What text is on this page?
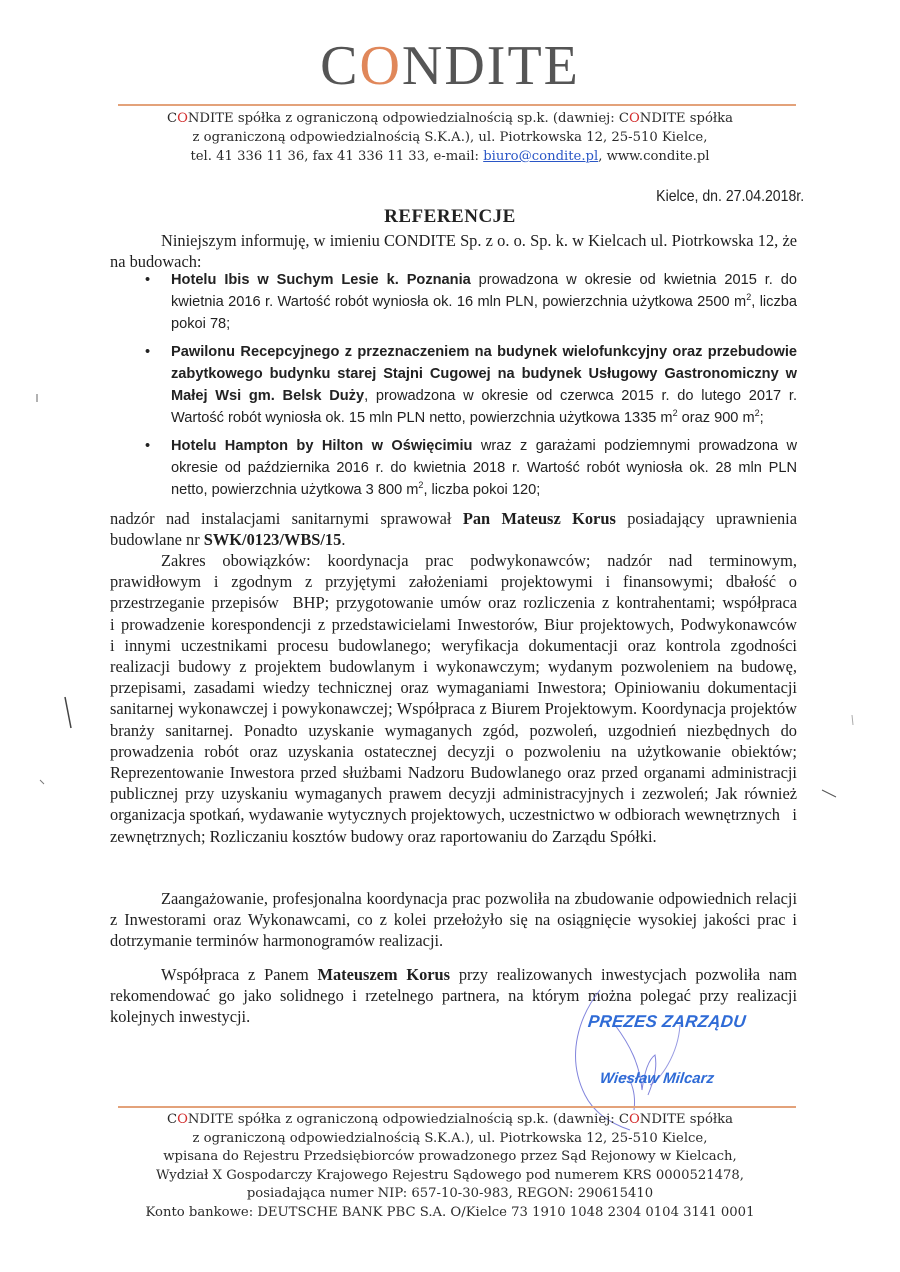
CONDITE
CONDITE spółka z ograniczoną odpowiedzialnością sp.k. (dawniej: CONDITE spółka
z ograniczoną odpowiedzialnością S.K.A.), ul. Piotrkowska 12, 25-510 Kielce,
tel. 41 336 11 36, fax 41 336 11 33, e-mail: biuro@condite.pl, www.condite.pl
Kielce, dn. 27.04.2018r.
REFERENCJE
Niniejszym informuję, w imieniu CONDITE Sp. z o. o. Sp. k. w Kielcach ul. Piotrkowska 12, że na budowach:
• Hotelu Ibis w Suchym Lesie k. Poznania prowadzona w okresie od kwietnia 2015 r. do kwietnia 2016 r. Wartość robót wyniosła ok. 16 mln PLN, powierzchnia użytkowa 2500 $m^2$, liczba pokoi 78;
• Pawilonu Recepcyjnego z przeznaczeniem na budynek wielofunkcyjny oraz przebudowie zabytkowego budynku starej Stajni Cugowej na budynek Usługowy Gastronomiczny w Małej Wsi gm. Belsk Duży, prowadzona w okresie od czerwca 2015 r. do lutego 2017 r. Wartość robót wyniosła ok. 15 mln PLN netto, powierzchnia użytkowa 1335 $m^2$ oraz 900 $m^2$;
• Hotelu Hampton by Hilton w Oświęcimiu wraz z garażami podziemnymi prowadzona w okresie od października 2016 r. do kwietnia 2018 r. Wartość robót wyniosła ok. 28 mln PLN netto, powierzchnia użytkowa 3 800 $m^2$, liczba pokoi 120;
nadzór nad instalacjami sanitarnymi sprawował Pan Mateusz Korus posiadający uprawnienia budowlane nr SWK/0123/WBS/15.
Zakres obowiązków: koordynacja prac podwykonawców; nadzór nad terminowym, prawidłowym i zgodnym z przyjętymi założeniami projektowymi i finansowymi; dbałość o przestrzeganie przepisów  BHP; przygotowanie umów oraz rozliczenia z kontrahentami; współpraca                i prowadzenie korespondencji z przedstawicielami Inwestorów, Biur projektowych, Podwykonawców                  i innymi uczestnikami procesu budowlanego; weryfikacja dokumentacji oraz kontrola zgodności realizacji budowy z projektem budowlanym i wykonawczym; wydanym pozwoleniem na budowę, przepisami, zasadami wiedzy technicznej oraz wymaganiami Inwestora; Opiniowaniu dokumentacji sanitarnej wykonawczej i powykonawczej; Współpraca z Biurem Projektowym. Koordynacja projektów branży sanitarnej. Ponadto uzyskanie wymaganych zgód, pozwoleń, uzgodnień niezbędnych do prowadzenia robót oraz uzyskania ostatecznej decyzji o pozwoleniu na użytkowanie obiektów; Reprezentowanie Inwestora przed służbami Nadzoru Budowlanego oraz przed organami administracji publicznej przy uzyskaniu wymaganych prawem decyzji administracyjnych i zezwoleń; Jak również organizacja spotkań, wydawanie wytycznych projektowych, uczestnictwo w odbiorach wewnętrznych   i zewnętrznych; Rozliczaniu kosztów budowy oraz raportowaniu do Zarządu Spółki.
Zaangażowanie, profesjonalna koordynacja prac pozwoliła na zbudowanie odpowiednich relacji z Inwestorami oraz Wykonawcami, co z kolei przełożyło się na osiągnięcie wysokiej jakości prac i dotrzymanie terminów harmonogramów realizacji.
Współpraca z Panem Mateuszem Korus przy realizowanych inwestycjach pozwoliła nam rekomendować go jako solidnego i rzetelnego partnera, na którym można polegać przy realizacji kolejnych inwestycji.	PREZES ZARZĄDU
Wiesław Milcarz
CONDITE spółka z ograniczoną odpowiedzialnością sp.k. (dawniej: CONDITE spółka
z ograniczoną odpowiedzialnością S.K.A.), ul. Piotrkowska 12, 25-510 Kielce,
wpisana do Rejestru Przedsiębiorców prowadzonego przez Sąd Rejonowy w Kielcach,
Wydział X Gospodarczy Krajowego Rejestru Sądowego pod numerem KRS 0000521478,
posiadająca numer NIP: 657-10-30-983, REGON: 290615410
Konto bankowe: DEUTSCHE BANK PBC S.A. O/Kielce 73 1910 1048 2304 0104 3141 0001
